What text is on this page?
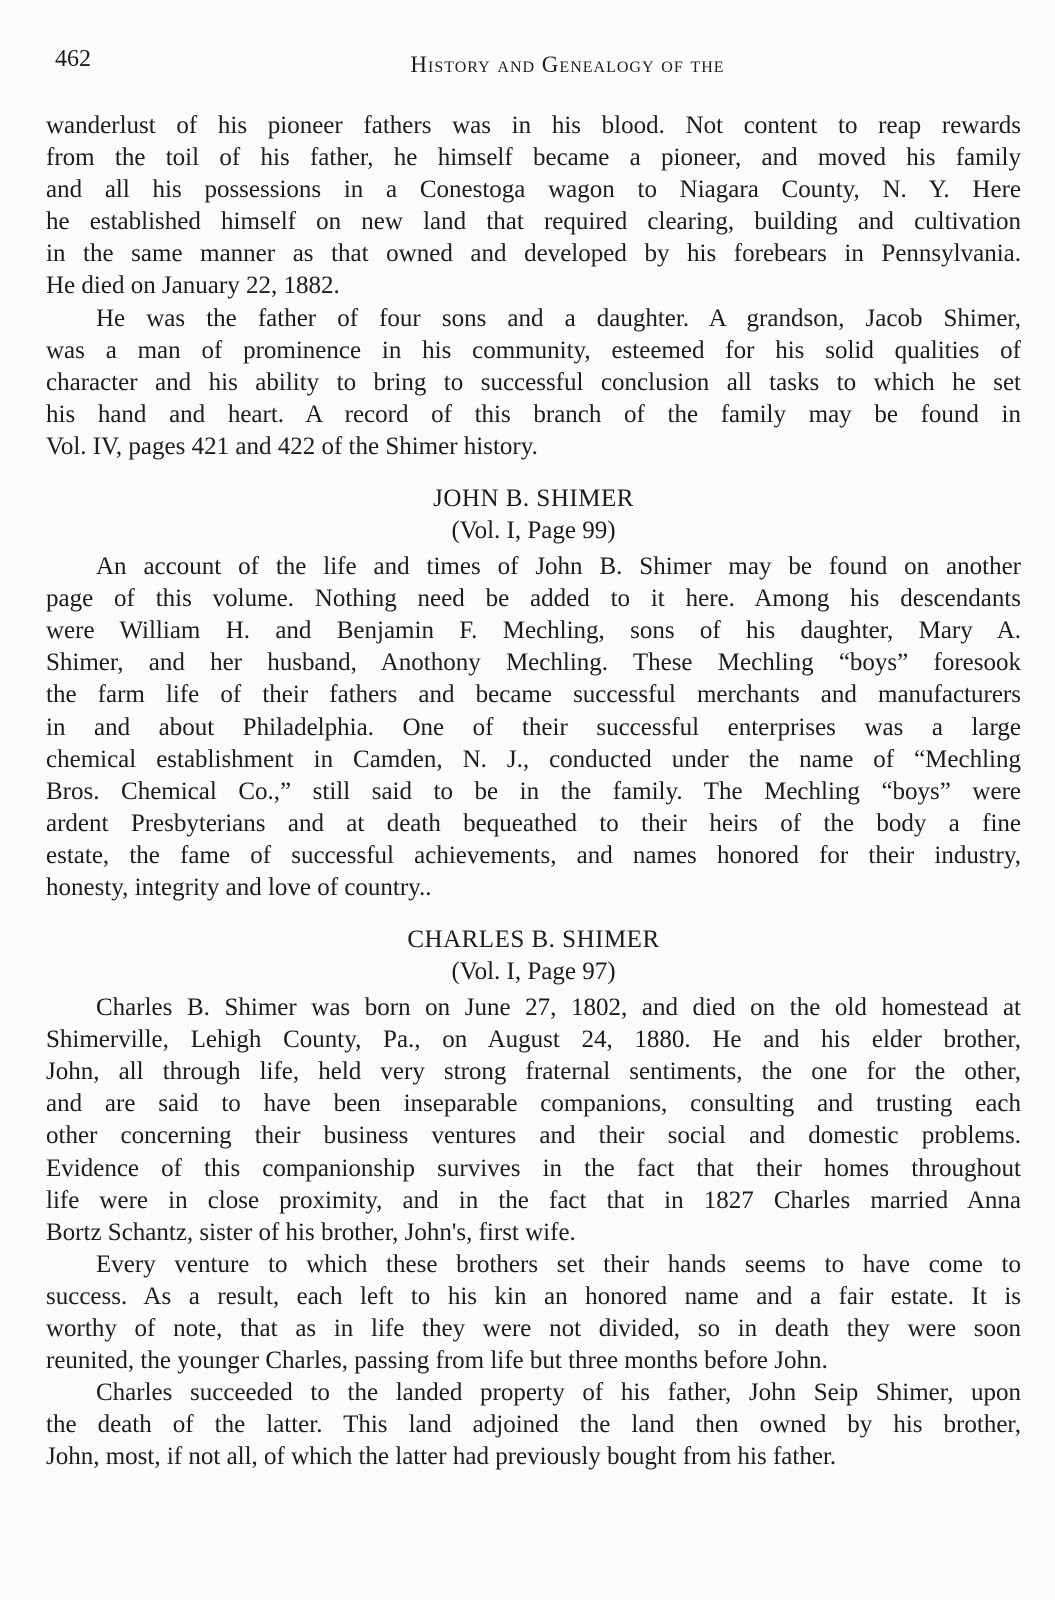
462	History and Genealogy of the
wanderlust of his pioneer fathers was in his blood. Not content to reap rewards
from the toil of his father, he himself became a pioneer, and moved his family
and all his possessions in a Conestoga wagon to Niagara County, N. Y. Here
he established himself on new land that required clearing, building and cultivation
in the same manner as that owned and developed by his forebears in Pennsylvania.
He died on January 22, 1882.
He was the father of four sons and a daughter. A grandson, Jacob Shimer,
was a man of prominence in his community, esteemed for his solid qualities of
character and his ability to bring to successful conclusion all tasks to which he set
his hand and heart. A record of this branch of the family may be found in
Vol. IV, pages 421 and 422 of the Shimer history.
JOHN B. SHIMER
(Vol. I, Page 99)
An account of the life and times of John B. Shimer may be found on another
page of this volume. Nothing need be added to it here. Among his descendants
were William H. and Benjamin F. Mechling, sons of his daughter, Mary A.
Shimer, and her husband, Anothony Mechling. These Mechling “boys” foresook
the farm life of their fathers and became successful merchants and manufacturers
in and about Philadelphia. One of their successful enterprises was a large
chemical establishment in Camden, N. J., conducted under the name of “Mechling
Bros. Chemical Co.,” still said to be in the family. The Mechling “boys” were
ardent Presbyterians and at death bequeathed to their heirs of the body a fine
estate, the fame of successful achievements, and names honored for their industry,
honesty, integrity and love of country..
CHARLES B. SHIMER
(Vol. I, Page 97)
Charles B. Shimer was born on June 27, 1802, and died on the old homestead at
Shimerville, Lehigh County, Pa., on August 24, 1880. He and his elder brother,
John, all through life, held very strong fraternal sentiments, the one for the other,
and are said to have been inseparable companions, consulting and trusting each
other concerning their business ventures and their social and domestic problems.
Evidence of this companionship survives in the fact that their homes throughout
life were in close proximity, and in the fact that in 1827 Charles married Anna
Bortz Schantz, sister of his brother, John's, first wife.
Every venture to which these brothers set their hands seems to have come to
success. As a result, each left to his kin an honored name and a fair estate. It is
worthy of note, that as in life they were not divided, so in death they were soon
reunited, the younger Charles, passing from life but three months before John.
Charles succeeded to the landed property of his father, John Seip Shimer, upon
the death of the latter. This land adjoined the land then owned by his brother,
John, most, if not all, of which the latter had previously bought from his father.
